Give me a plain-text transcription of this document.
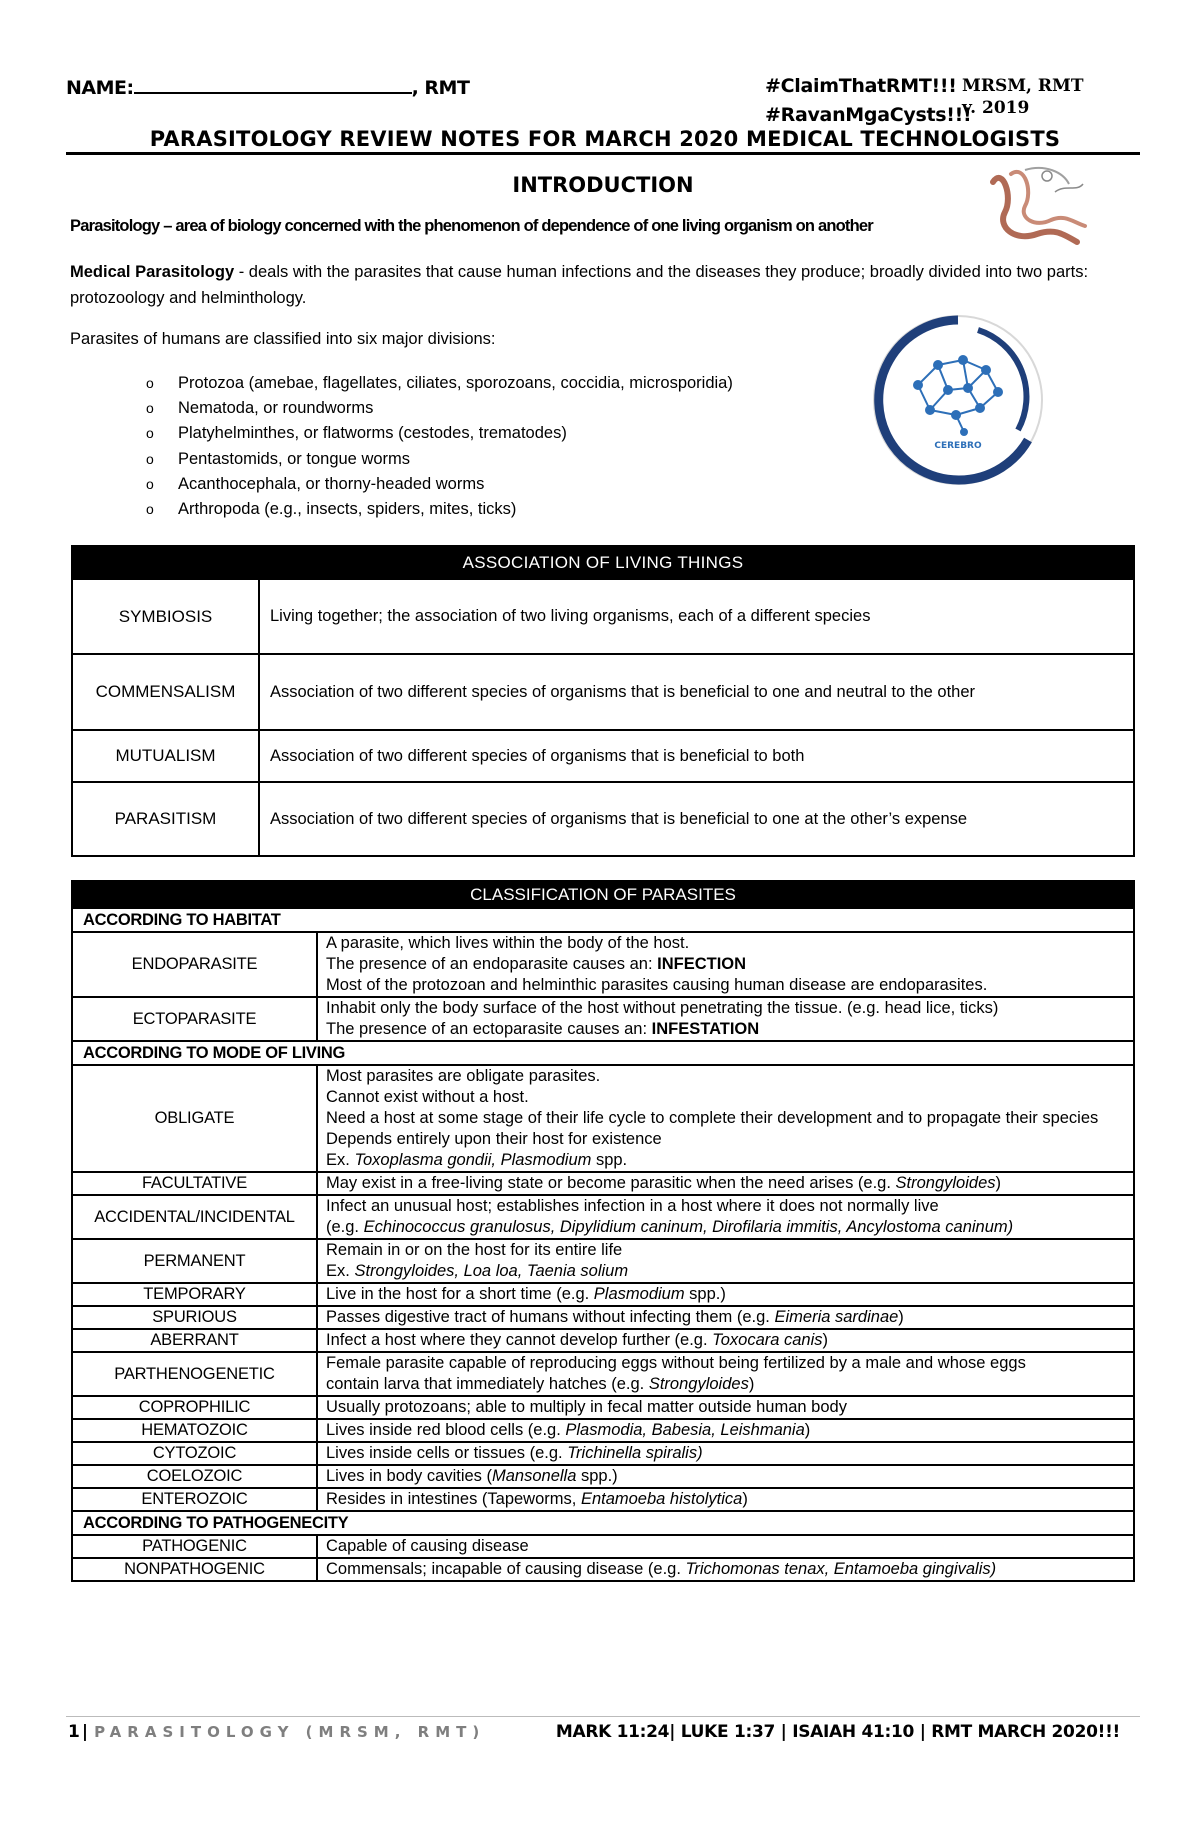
NAME:	, RMT	#ClaimThatRMT!!!
#RavanMgaCysts!!!
MRSM, RMT
v. 2019
PARASITOLOGY REVIEW NOTES FOR MARCH 2020 MEDICAL TECHNOLOGISTS
INTRODUCTION
CEREBRO
Parasitology – area of biology concerned with the phenomenon of dependence of one living organism on another
Medical Parasitology - deals with the parasites that cause human infections and the diseases they produce; broadly divided into two parts: protozoology and helminthology.
Parasites of humans are classified into six major divisions:
o Protozoa (amebae, flagellates, ciliates, sporozoans, coccidia, microsporidia)
o Nematoda, or roundworms
o Platyhelminthes, or flatworms (cestodes, trematodes)
o Pentastomids, or tongue worms
o Acanthocephala, or thorny-headed worms
o Arthropoda (e.g., insects, spiders, mites, ticks)
ASSOCIATION OF LIVING THINGS	
SYMBIOSIS	Living together; the association of two living organisms, each of a different species
COMMENSALISM	Association of two different species of organisms that is beneficial to one and neutral to the other
MUTUALISM	Association of two different species of organisms that is beneficial to both
PARASITISM	Association of two different species of organisms that is beneficial to one at the other’s expense
CLASSIFICATION OF PARASITES	
ACCORDING TO HABITAT	
ENDOPARASITE	A parasite, which lives within the body of the host.
The presence of an endoparasite causes an: INFECTION
Most of the protozoan and helminthic parasites causing human disease are endoparasites.

ECTOPARASITE	Inhabit only the body surface of the host without penetrating the tissue. (e.g. head lice, ticks)
The presence of an ectoparasite causes an: INFESTATION

ACCORDING TO MODE OF LIVING	
OBLIGATE	Most parasites are obligate parasites.
Cannot exist without a host.
Need a host at some stage of their life cycle to complete their development and to propagate their species
Depends entirely upon their host for existence
Ex. Toxoplasma gondii, Plasmodium spp.

FACULTATIVE	May exist in a free-living state or become parasitic when the need arises (e.g. Strongyloides)
ACCIDENTAL/INCIDENTAL	Infect an unusual host; establishes infection in a host where it does not normally live
(e.g. Echinococcus granulosus, Dipylidium caninum, Dirofilaria immitis, Ancylostoma caninum)

PERMANENT	Remain in or on the host for its entire life
Ex. Strongyloides, Loa loa, Taenia solium

TEMPORARY	Live in the host for a short time (e.g. Plasmodium spp.)
SPURIOUS	Passes digestive tract of humans without infecting them (e.g. Eimeria sardinae)
ABERRANT	Infect a host where they cannot develop further (e.g. Toxocara canis)
PARTHENOGENETIC	Female parasite capable of reproducing eggs without being fertilized by a male and whose eggs
contain larva that immediately hatches (e.g. Strongyloides)

COPROPHILIC	Usually protozoans; able to multiply in fecal matter outside human body
HEMATOZOIC	Lives inside red blood cells (e.g. Plasmodia, Babesia, Leishmania)
CYTOZOIC	Lives inside cells or tissues (e.g. Trichinella spiralis)
COELOZOIC	Lives in body cavities (Mansonella spp.)
ENTEROZOIC	Resides in intestines (Tapeworms, Entamoeba histolytica)
ACCORDING TO PATHOGENECITY	
PATHOGENIC	Capable of causing disease
NONPATHOGENIC	Commensals; incapable of causing disease (e.g. Trichomonas tenax, Entamoeba gingivalis)
1 | PARASITOLOGY (MRSM, RMT)	MARK 11:24| LUKE 1:37 | ISAIAH 41:10 | RMT MARCH 2020!!!
